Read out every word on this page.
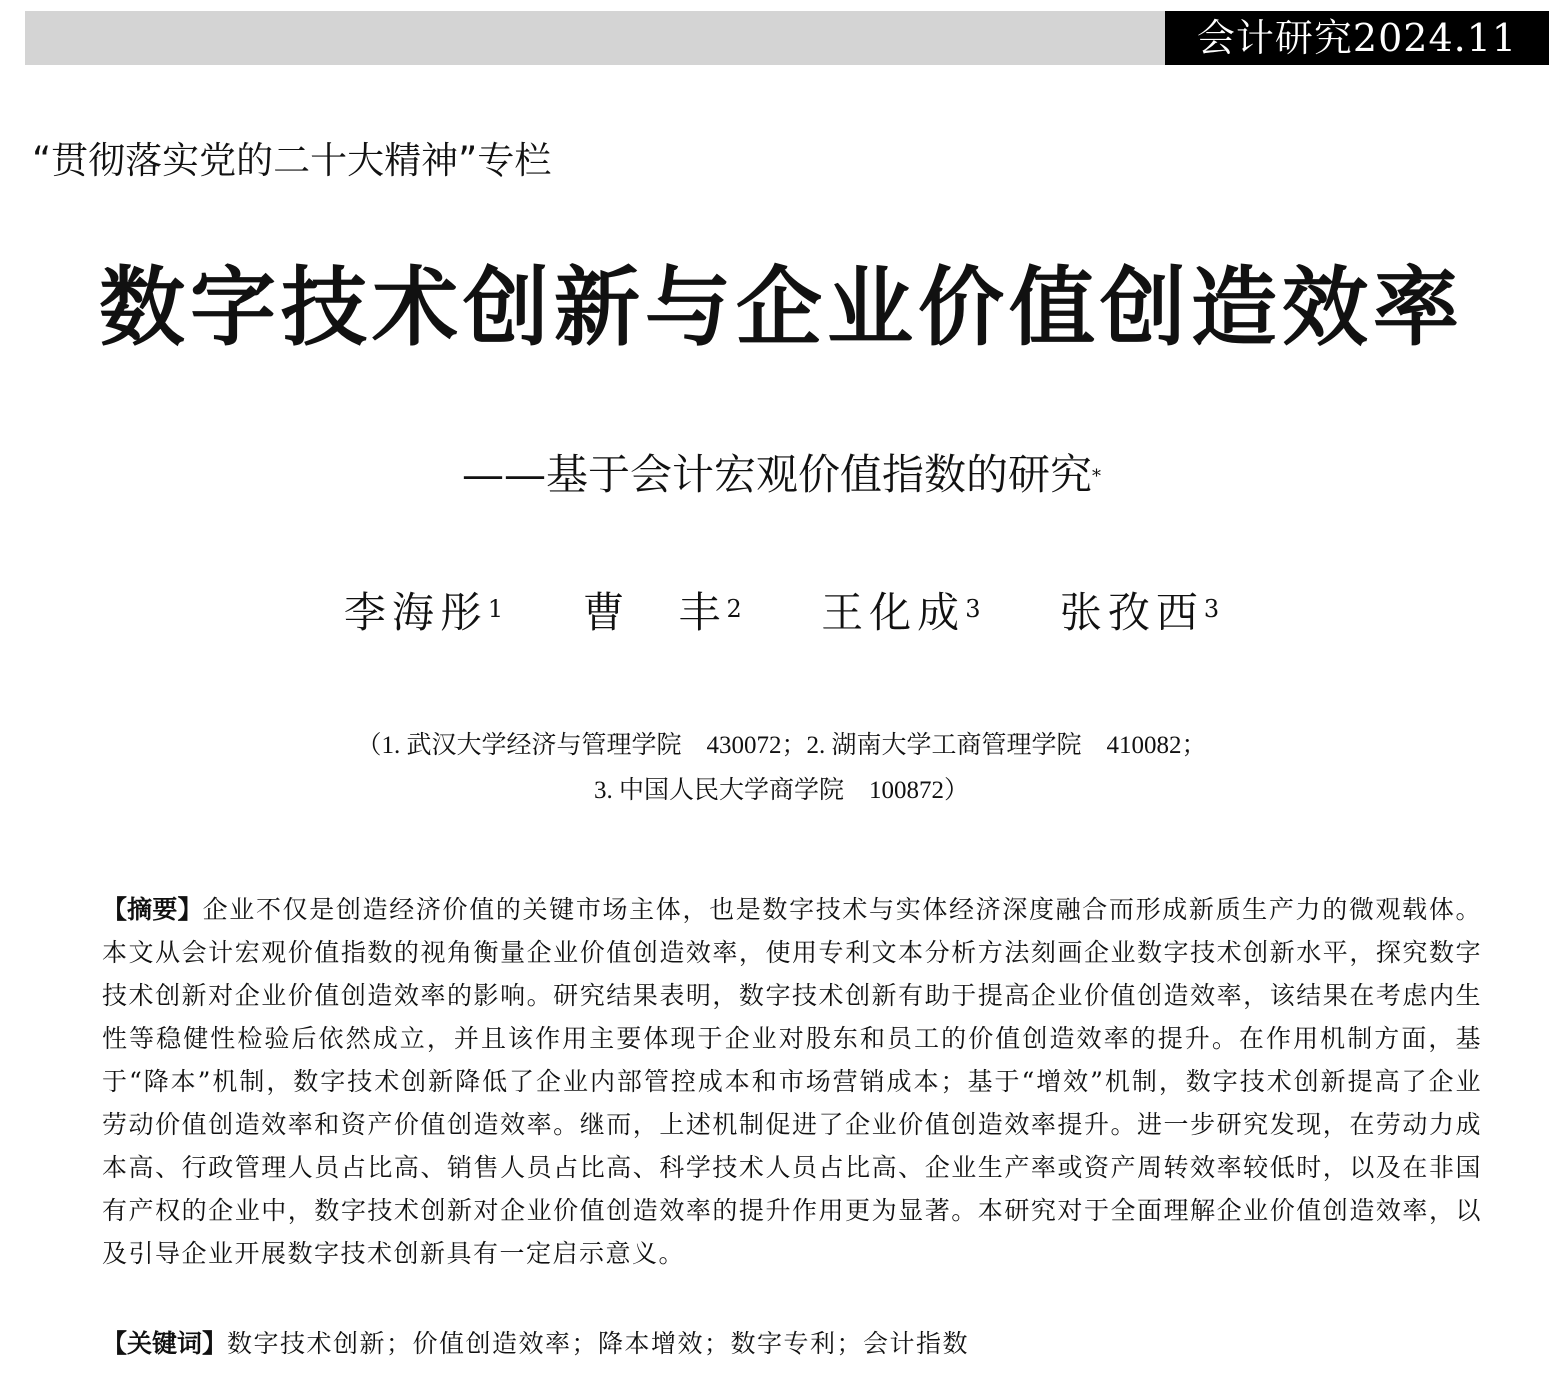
会计研究2024.11
“贯彻落实党的二十大精神”专栏
数字技术创新与企业价值创造效率
——基于会计宏观价值指数的研究*
李海彤$^1$ 曹　丰$^2$ 王化成$^3$ 张孜西$^3$
（1. 武汉大学经济与管理学院　430072；2. 湖南大学工商管理学院　410082；
3. 中国人民大学商学院　100872）
【摘要】企业不仅是创造经济价值的关键市场主体，也是数字技术与实体经济深度融合而形成新质生产力的微观载体。本文从会计宏观价值指数的视角衡量企业价值创造效率，使用专利文本分析方法刻画企业数字技术创新水平，探究数字技术创新对企业价值创造效率的影响。研究结果表明，数字技术创新有助于提高企业价值创造效率，该结果在考虑内生性等稳健性检验后依然成立，并且该作用主要体现于企业对股东和员工的价值创造效率的提升。在作用机制方面，基于“降本”机制，数字技术创新降低了企业内部管控成本和市场营销成本；基于“增效”机制，数字技术创新提高了企业劳动价值创造效率和资产价值创造效率。继而，上述机制促进了企业价值创造效率提升。进一步研究发现，在劳动力成本高、行政管理人员占比高、销售人员占比高、科学技术人员占比高、企业生产率或资产周转效率较低时，以及在非国有产权的企业中，数字技术创新对企业价值创造效率的提升作用更为显著。本研究对于全面理解企业价值创造效率，以及引导企业开展数字技术创新具有一定启示意义。
【关键词】数字技术创新；价值创造效率；降本增效；数字专利；会计指数
